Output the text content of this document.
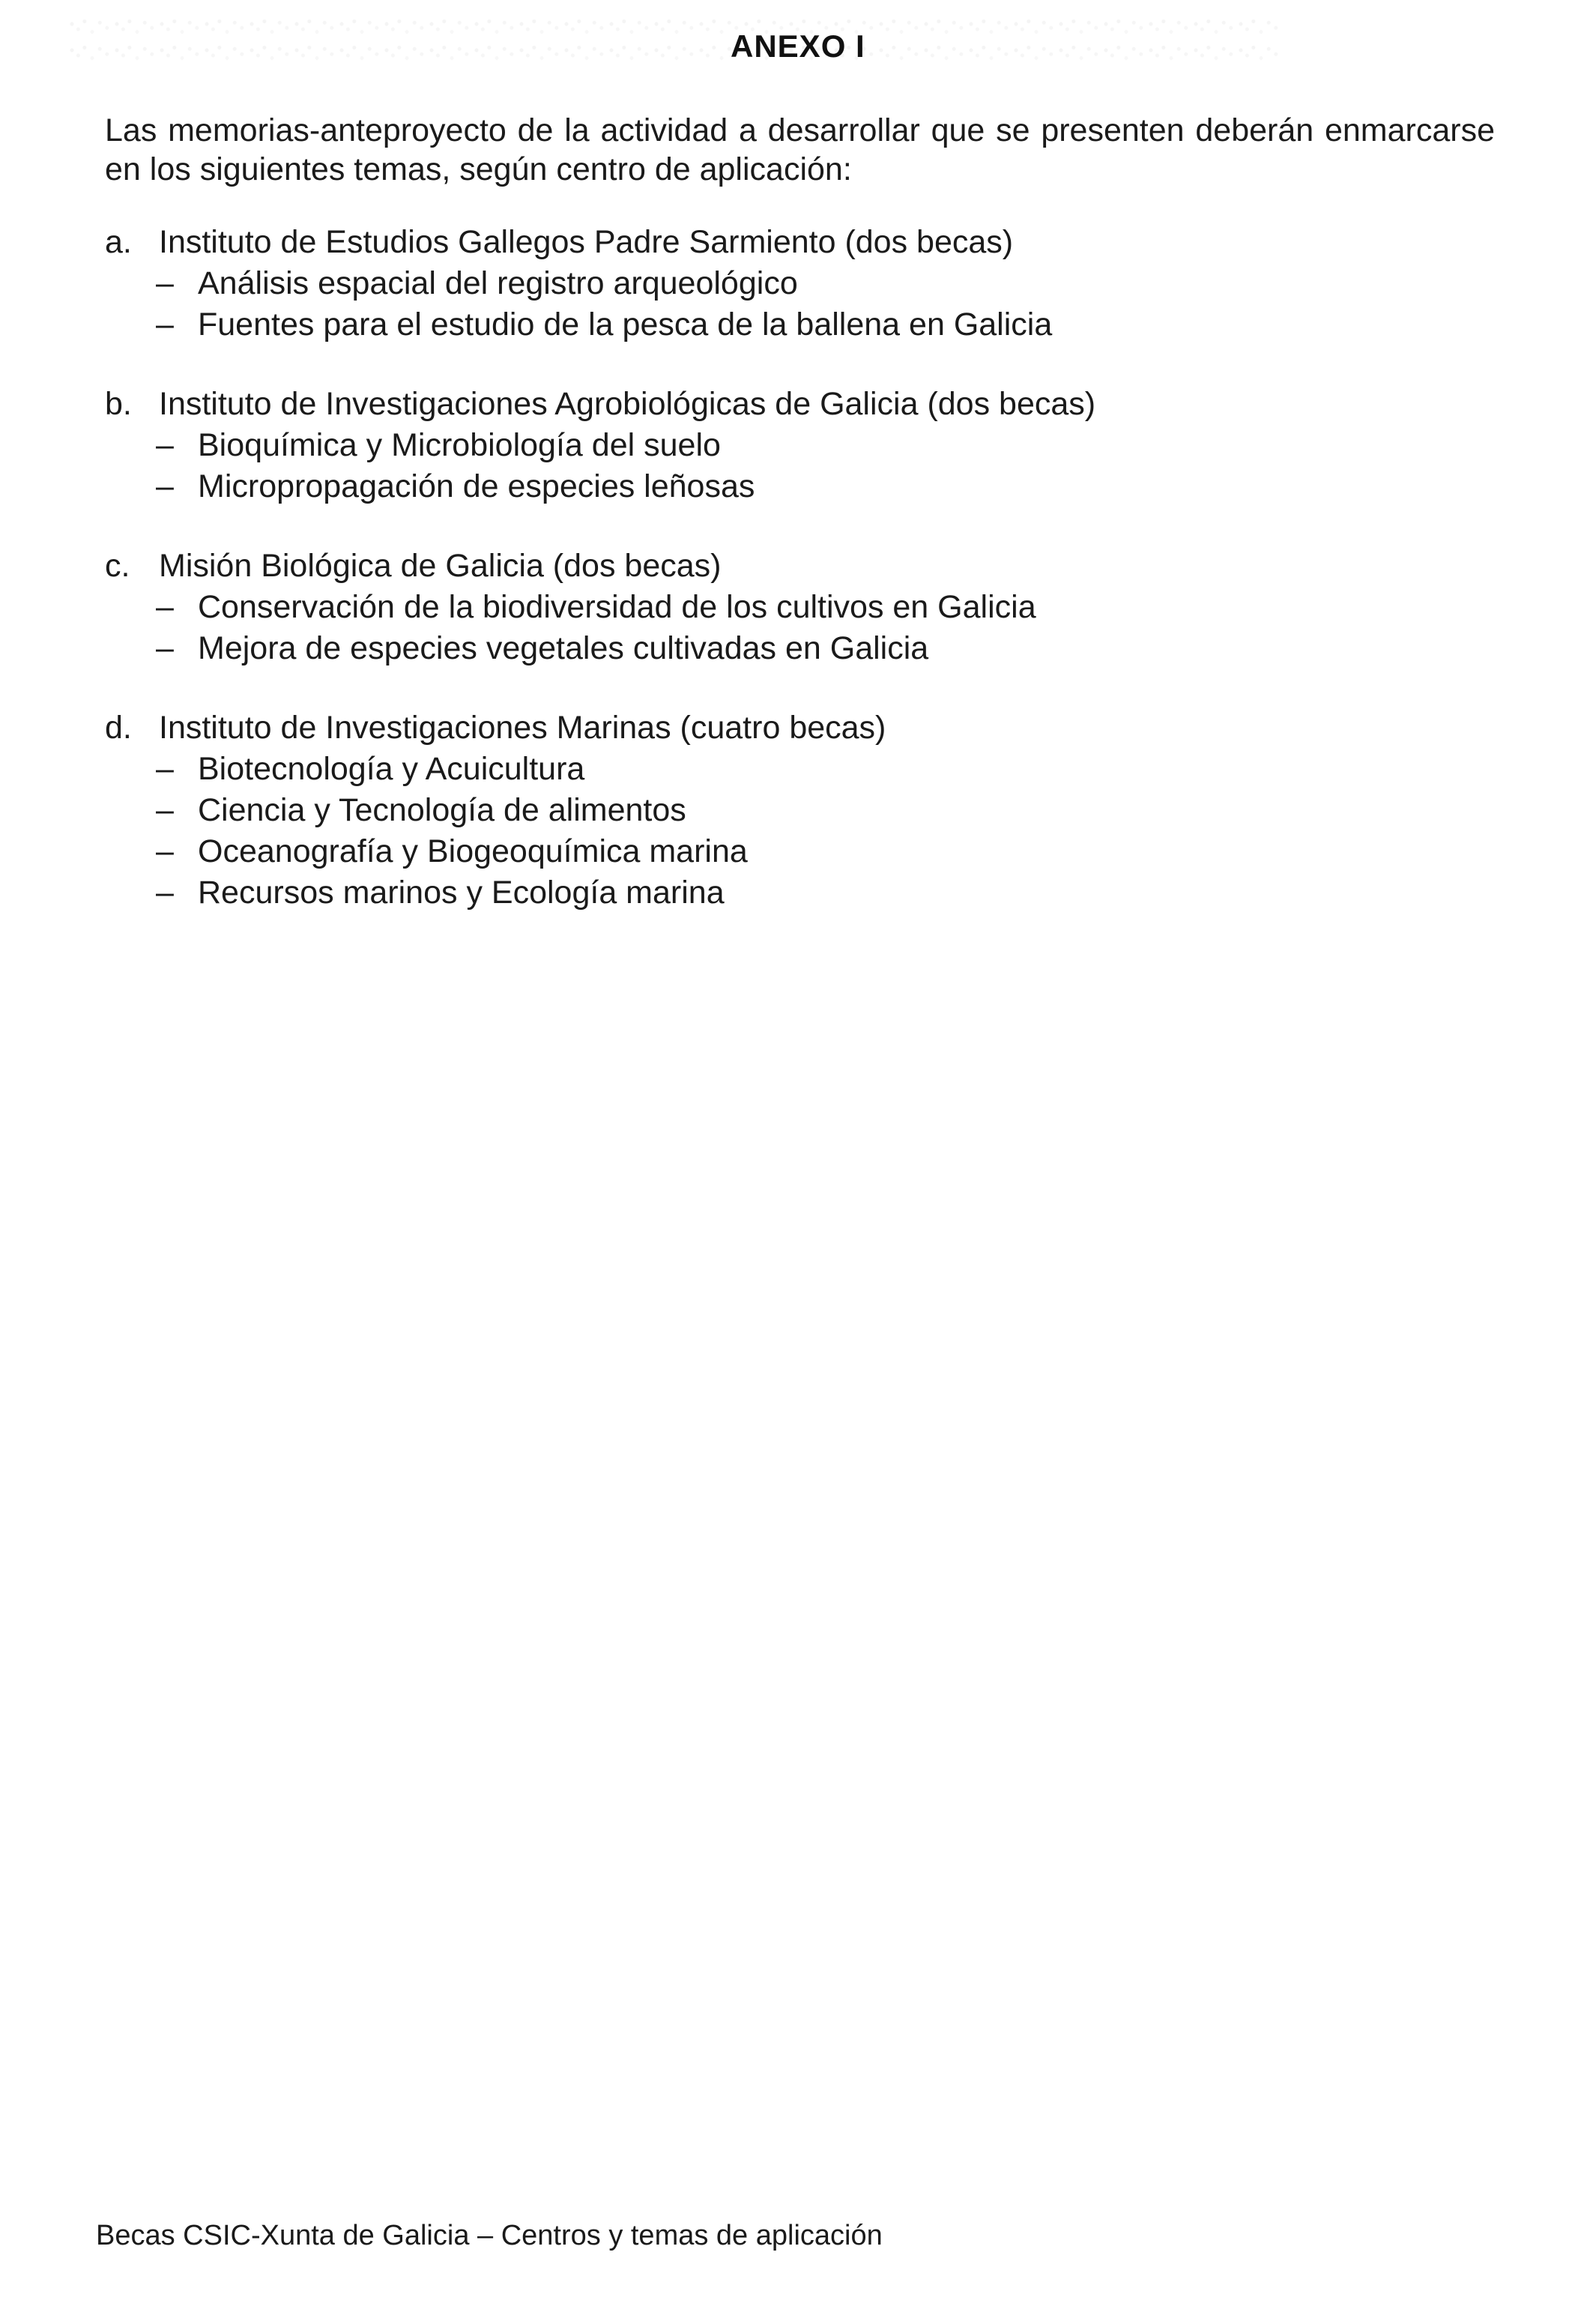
ANEXO I
Las memorias-anteproyecto de la actividad a desarrollar que se presenten deberán enmarcarse en los siguientes temas, según centro de aplicación:
a. Instituto de Estudios Gallegos Padre Sarmiento (dos becas)
– Análisis espacial del registro arqueológico
– Fuentes para el estudio de la pesca de la ballena en Galicia
b. Instituto de Investigaciones Agrobiológicas de Galicia (dos becas)
– Bioquímica y Microbiología del suelo
– Micropropagación de especies leñosas
c. Misión Biológica de Galicia (dos becas)
– Conservación de la biodiversidad de los cultivos en Galicia
– Mejora de especies vegetales cultivadas en Galicia
d. Instituto de Investigaciones Marinas (cuatro becas)
– Biotecnología y Acuicultura
– Ciencia y Tecnología de alimentos
– Oceanografía y Biogeoquímica marina
– Recursos marinos y Ecología marina
Becas CSIC-Xunta de Galicia – Centros y temas de aplicación
